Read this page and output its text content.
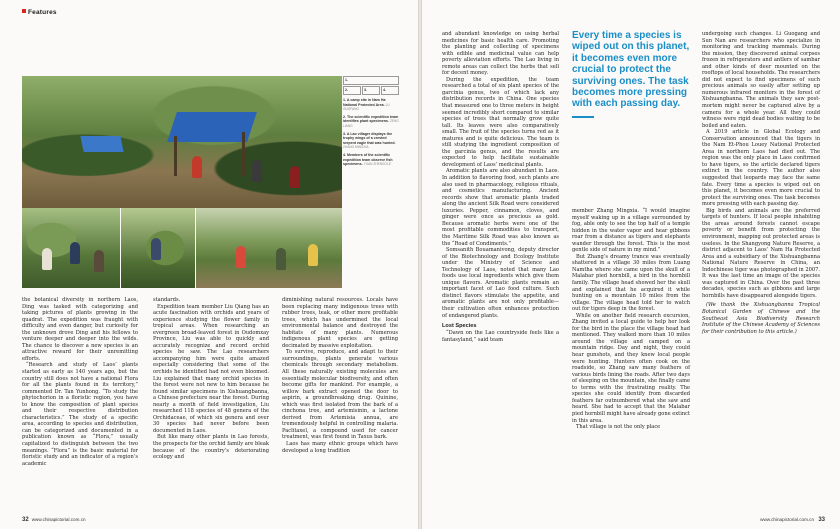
Features
1.
2.	3.	4.

1. A camp site in Nam Ha National Protected Area. LU GUOFANG

2. The scientific expedition team identifies plant specimens. ZENG LIANG

3. A Lao villager displays the trophy wings of a crested serpent eagle that was hunted. ZHANG MINGXIA

4. Members of the scientific expedition team observe fish specimens. YUAN ZHENGOLE

the botanical diversity in northern Laos, Ding was tasked with categorizing and taking pictures of plants growing in the quadrat. The expedition was fraught with difficulty and even danger, but curiosity for the unknown drove Ding and his fellows to venture deeper and deeper into the wilds. The chance to discover a new species is an attractive reward for their unremitting efforts.

“Research and study of Laos’ plants started as early as 140 years ago, but the country still does not have a national Flora for all the plants found in its territory,” commented Dr. Tan Yunhong. “To study the phytochorion in a floristic region, you have to know the composition of plant species and their respective distribution characteristics.” The study of a specific area, according to species and distribution, can be categorized and documented in a publication known as “Flora,” usually capitalized to distinguish between the two meanings. “Flora” is the basic material for floristic study and an indicator of a region’s academic

standards.

Expedition team member Liu Qiang has an acute fascination with orchids and years of experience studying the flower family in tropical areas. When researching an evergreen broad-leaved forest in Oudomxay Province, Liu was able to quickly and accurately recognize and record orchid species he saw. The Lao researchers accompanying him were quite amazed especially considering that some of the orchids he identified had not even bloomed. Liu explained that many orchid species in the forest were not new to him because he found similar specimens in Xishuangbanna, a Chinese prefecture near the forest. During nearly a month of field investigation, Liu researched 118 species of 48 genera of the Orchidaceae, of which six genera and over 30 species had never before been documented in Laos.

But like many other plants in Lao forests, the prospects for the orchid family are bleak because of the country’s deteriorating ecology and

diminishing natural resources. Locals have been replacing many indigenous trees with rubber trees, teak, or other more profitable trees, which has undermined the local environmental balance and destroyed the habitats of many plants. Numerous indigenous plant species are getting decimated by massive exploitation.

To survive, reproduce, and adapt to their surroundings, plants generate various chemicals through secondary metabolism. All these naturally existing molecules are essentially molecular biodiversity, and often become gifts for mankind. For example, a willow bark extract opened the door to aspirin, a groundbreaking drug. Quinine, which was first isolated from the bark of a cinchona tree, and artemisinin, a lactone derived from Artemisia annua, are tremendously helpful in controlling malaria. Paclitaxel, a compound used for cancer treatment, was first found in Taxus bark.

Laos has many ethnic groups which have developed a long tradition

32 www.chinapictorial.com.cn

and abundant knowledge on using herbal medicines for basic health care. Promoting the planting and collecting of specimens with edible and medicinal value can help poverty alleviation efforts. The Lao living in remote areas can collect the herbs that sell for decent money.

During the expedition, the team researched a total of six plant species of the garcinia genus, two of which lack any distribution records in China. One species that measured one to three meters in height seemed incredibly short compared to similar species of trees that normally grow quite tall. Its leaves were also comparatively small. The fruit of the species turns red as it matures and is quite delicious. The team is still studying the ingredient composition of the garcinia genus, and the results are expected to help facilitate sustainable development of Laos’ medicinal plants.

Aromatic plants are also abundant in Laos. In addition to flavoring food, such plants are also used in pharmacology, religious rituals, and cosmetics manufacturing. Ancient records show that aromatic plants traded along the ancient Silk Road were considered luxuries. Pepper, cinnamon, cloves, and ginger were once as precious as gold. Because aromatic herbs were one of the most profitable commodities to transport, the Maritime Silk Road was also known as the “Road of Condiments.”

Somsanith Bouamanivong, deputy director of the Biotechnology and Ecology Institute under the Ministry of Science and Technology of Laos, noted that many Lao foods use local ingredients which give them unique flavors. Aromatic plants remain an important facet of Lao food culture. Such distinct flavors stimulate the appetite, and aromatic plants are not only profitable—their cultivation often enhances protection of endangered plants.

Lost Species

“Dawn on the Lao countryside feels like a fantasyland,” said team

Every time a species is wiped out on this planet, it becomes even more crucial to protect the surviving ones. The task becomes more pressing with each passing day.

member Zhang Mingxia. “I would imagine myself waking up in a village surrounded by fog, able only to see the top half of a temple hidden in the water vapor and hear gibbons roar from a distance as tigers and elephants wander through the forest. This is the most gentle side of nature in my mind.”

But Zhang’s dreamy trance was eventually shattered in a village 30 miles from Luang Namtha where she came upon the skull of a Malabar pied hornbill, a bird in the hornbill family. The village head showed her the skull and explained that he acquired it while hunting on a mountain 10 miles from the village. The village head told her to watch out for tigers deep in the forest.

While on another field research excursion, Zhang invited a local guide to help her look for the bird in the place the village head had mentioned. They walked more than 10 miles around the village and camped on a mountain ridge. Day and night, they could hear gunshots, and they knew local people were hunting. Hunters often cook on the roadside, so Zhang saw many feathers of various birds lining the roads. After two days of sleeping on the mountain, she finally came to terms with the frustrating reality. The species she could identify from discarded feathers far outnumbered what she saw and heard. She had to accept that the Malabar pied hornbill might have already gone extinct in this area.

That village is not the only place

undergoing such changes. Li Guogang and Sun Nan are researchers who specialize in monitoring and tracking mammals. During the mission, they discovered animal corpses frozen in refrigerators and antlers of sambar and other kinds of deer mounted on the rooftops of local households. The researchers did not expect to find specimens of such precious animals so easily after setting up numerous infrared monitors in the forest of Xishuangbanna. The animals they saw post-mortem might never be captured alive by a camera for a whole year. All they could witness were rigid dead bodies waiting to be boiled and eaten.

A 2019 article in Global Ecology and Conservation announced that the tigers in the Nam Et-Phou Louey National Protected Area in northern Laos had died out. The region was the only place in Laos confirmed to have tigers, so the article declared tigers extinct in the country. The author also suggested that leopards may face the same fate. Every time a species is wiped out on this planet, it becomes even more crucial to protect the surviving ones. The task becomes more pressing with each passing day.

Big birds and animals are the preferred targets of hunters. If local people inhabiting the areas around forests cannot escape poverty or benefit from protecting the environment, mapping out protected areas is useless. In the Shangyong Nature Reserve, a district adjacent to Laos’ Nam Ha Protected Area and a subsidiary of the Xishuangbanna National Nature Reserve in China, an Indochinese tiger was photographed in 2007. It was the last time an image of the species was captured in China. Over the past three decades, species such as gibbons and large hornbills have disappeared alongside tigers.

(We thank the Xishuangbanna Tropical Botanical Garden of Chinese and the Southeast Asia Biodiversity Research Institute of the Chinese Academy of Sciences for their contribution to this article.)

www.chinapictorial.com.cn 33
